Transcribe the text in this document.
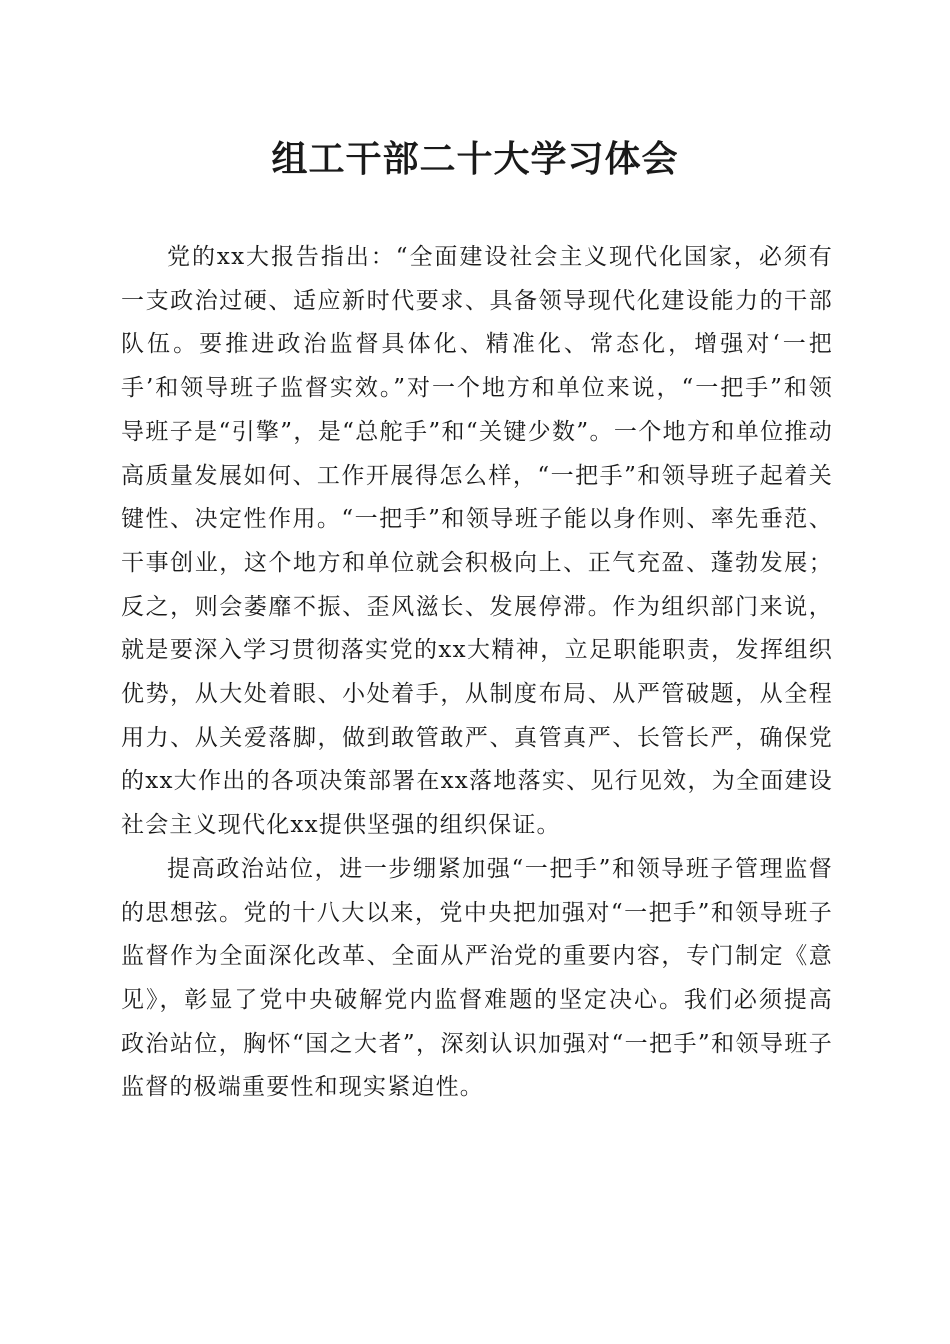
组工干部二十大学习体会

党的xx大报告指出：“全面建设社会主义现代化国家，必须有一支政治过硬、适应新时代要求、具备领导现代化建设能力的干部队伍。要推进政治监督具体化、精准化、常态化，增强对‘一把手’和领导班子监督实效。”对一个地方和单位来说，“一把手”和领导班子是“引擎”，是“总舵手”和“关键少数”。一个地方和单位推动高质量发展如何、工作开展得怎么样，“一把手”和领导班子起着关键性、决定性作用。“一把手”和领导班子能以身作则、率先垂范、干事创业，这个地方和单位就会积极向上、正气充盈、蓬勃发展；反之，则会萎靡不振、歪风滋长、发展停滞。作为组织部门来说，就是要深入学习贯彻落实党的xx大精神，立足职能职责，发挥组织优势，从大处着眼、小处着手，从制度布局、从严管破题，从全程用力、从关爱落脚，做到敢管敢严、真管真严、长管长严，确保党的xx大作出的各项决策部署在xx落地落实、见行见效，为全面建设社会主义现代化xx提供坚强的组织保证。

提高政治站位，进一步绷紧加强“一把手”和领导班子管理监督的思想弦。党的十八大以来，党中央把加强对“一把手”和领导班子监督作为全面深化改革、全面从严治党的重要内容，专门制定《意见》，彰显了党中央破解党内监督难题的坚定决心。我们必须提高政治站位，胸怀“国之大者”，深刻认识加强对“一把手”和领导班子监督的极端重要性和现实紧迫性。
